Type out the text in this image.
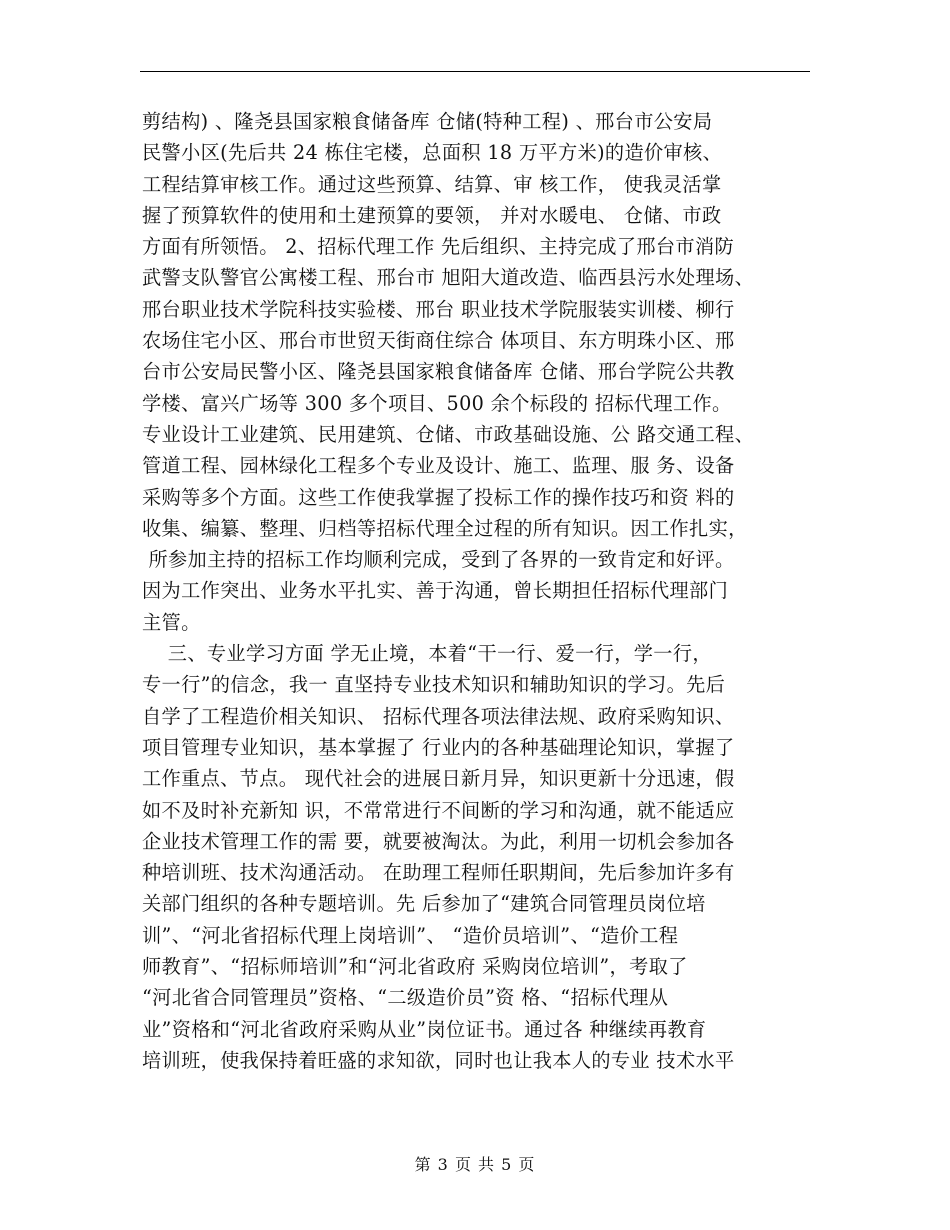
剪结构) 、隆尧县国家粮食储备库 仓储(特种工程) 、邢台市公安局
民警小区(先后共 24 栋住宅楼，总面积 18 万平方米)的造价审核、
工程结算审核工作。通过这些预算、结算、审 核工作， 使我灵活掌
握了预算软件的使用和土建预算的要领， 并对水暖电、 仓储、市政
方面有所领悟。 2、招标代理工作 先后组织、主持完成了邢台市消防
武警支队警官公寓楼工程、邢台市 旭阳大道改造、临西县污水处理场、
邢台职业技术学院科技实验楼、邢台 职业技术学院服装实训楼、柳行
农场住宅小区、邢台市世贸天街商住综合 体项目、东方明珠小区、邢
台市公安局民警小区、隆尧县国家粮食储备库 仓储、邢台学院公共教
学楼、富兴广场等 300 多个项目、500 余个标段的 招标代理工作。
专业设计工业建筑、民用建筑、仓储、市政基础设施、公 路交通工程、
管道工程、园林绿化工程多个专业及设计、施工、监理、服 务、设备
采购等多个方面。这些工作使我掌握了投标工作的操作技巧和资 料的
收集、编纂、整理、归档等招标代理全过程的所有知识。因工作扎实，
所参加主持的招标工作均顺利完成，受到了各界的一致肯定和好评。
因为工作突出、业务水平扎实、善于沟通，曾长期担任招标代理部门
主管。
三、专业学习方面 学无止境，本着“干一行、爱一行，学一行，
专一行”的信念，我一 直坚持专业技术知识和辅助知识的学习。先后
自学了工程造价相关知识、 招标代理各项法律法规、政府采购知识、
项目管理专业知识，基本掌握了 行业内的各种基础理论知识，掌握了
工作重点、节点。 现代社会的进展日新月异，知识更新十分迅速，假
如不及时补充新知 识，不常常进行不间断的学习和沟通，就不能适应
企业技术管理工作的需 要，就要被淘汰。为此，利用一切机会参加各
种培训班、技术沟通活动。 在助理工程师任职期间，先后参加许多有
关部门组织的各种专题培训。先 后参加了“建筑合同管理员岗位培
训”、“河北省招标代理上岗培训”、 “造价员培训”、“造价工程
师教育”、“招标师培训”和“河北省政府 采购岗位培训”，考取了
“河北省合同管理员”资格、“二级造价员”资 格、“招标代理从
业”资格和“河北省政府采购从业”岗位证书。通过各 种继续再教育
培训班，使我保持着旺盛的求知欲，同时也让我本人的专业 技术水平
第 3 页 共 5 页
